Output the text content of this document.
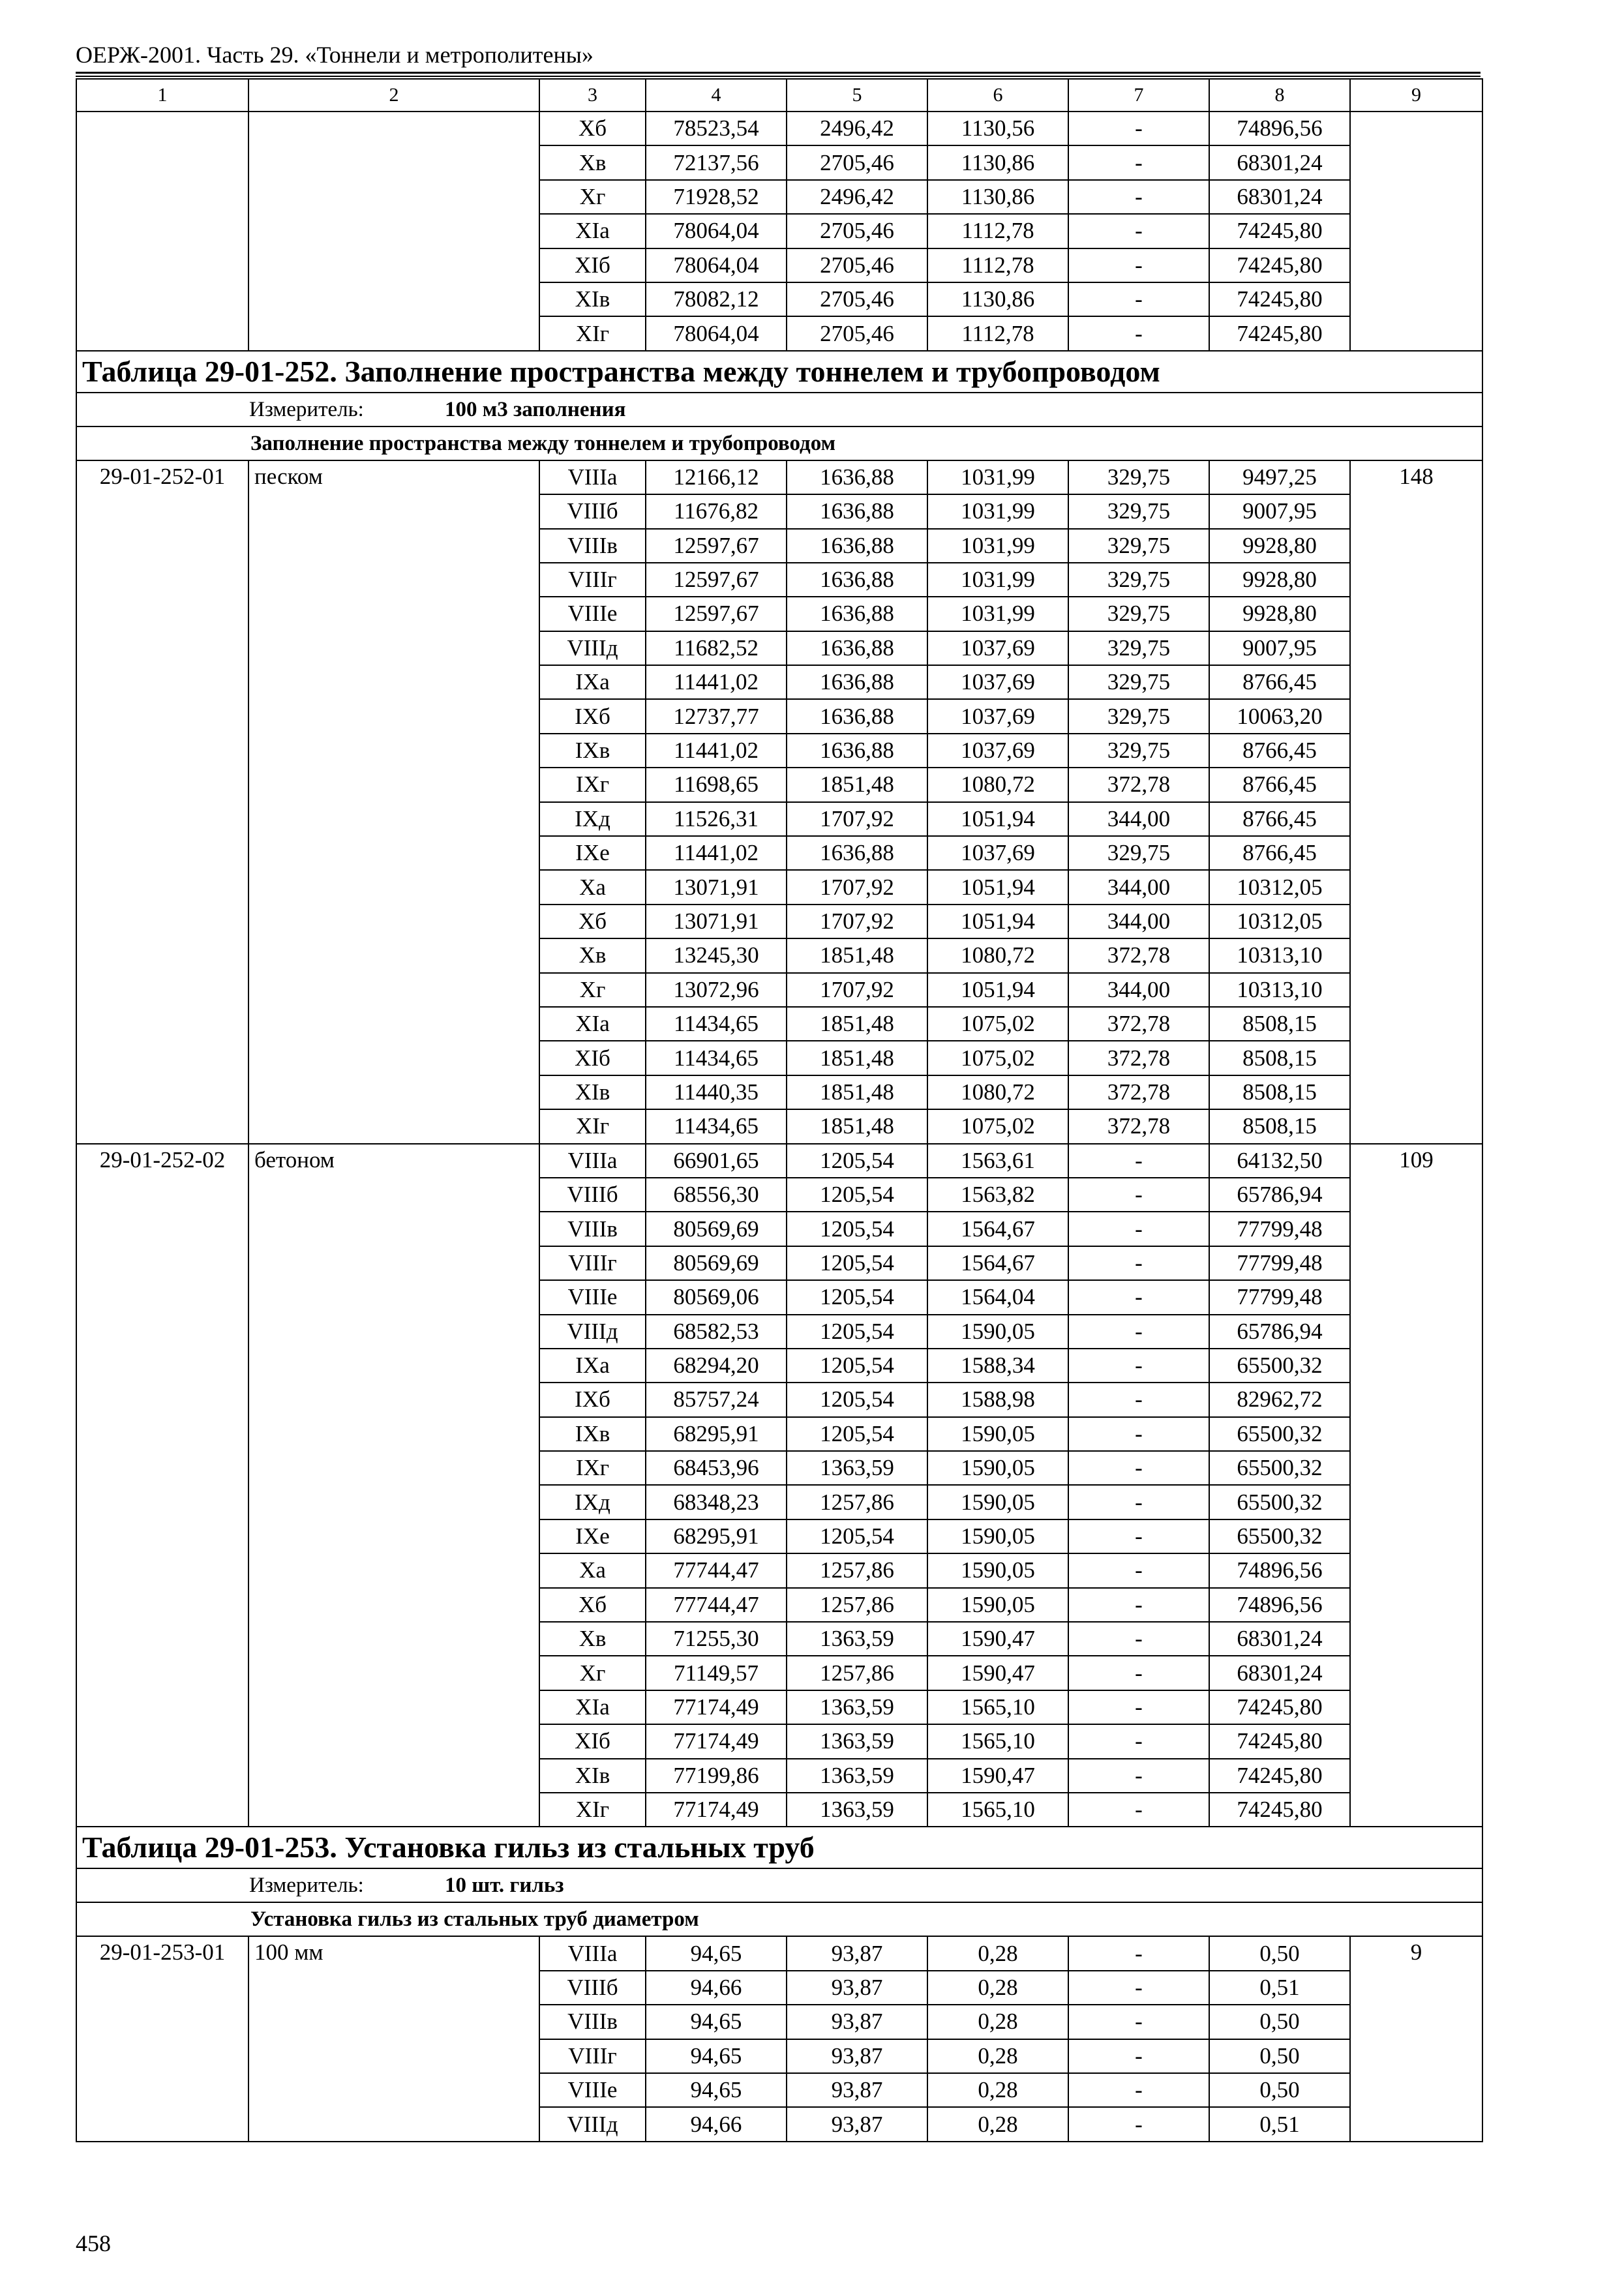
ОЕРЖ-2001. Часть 29. «Тоннели и метрополитены»
1	2	3	4	5	6	7	8	9
		Хб	78523,54	2496,42	1130,56	-	74896,56	
		Хв	72137,56	2705,46	1130,86	-	68301,24	
		Хг	71928,52	2496,42	1130,86	-	68301,24	
		XIа	78064,04	2705,46	1112,78	-	74245,80	
		XIб	78064,04	2705,46	1112,78	-	74245,80	
		XIв	78082,12	2705,46	1130,86	-	74245,80	
		XIг	78064,04	2705,46	1112,78	-	74245,80	
Таблица 29-01-252. Заполнение пространства между тоннелем и трубопроводом								
Измеритель: 100 м3 заполнения								
Заполнение пространства между тоннелем и трубопроводом								
29-01-252-01	песком	VIIIа	12166,12	1636,88	1031,99	329,75	9497,25	148
		VIIIб	11676,82	1636,88	1031,99	329,75	9007,95	
		VIIIв	12597,67	1636,88	1031,99	329,75	9928,80	
		VIIIг	12597,67	1636,88	1031,99	329,75	9928,80	
		VIIIе	12597,67	1636,88	1031,99	329,75	9928,80	
		VIIIд	11682,52	1636,88	1037,69	329,75	9007,95	
		IXа	11441,02	1636,88	1037,69	329,75	8766,45	
		IXб	12737,77	1636,88	1037,69	329,75	10063,20	
		IXв	11441,02	1636,88	1037,69	329,75	8766,45	
		IXг	11698,65	1851,48	1080,72	372,78	8766,45	
		IXд	11526,31	1707,92	1051,94	344,00	8766,45	
		IXе	11441,02	1636,88	1037,69	329,75	8766,45	
		Ха	13071,91	1707,92	1051,94	344,00	10312,05	
		Хб	13071,91	1707,92	1051,94	344,00	10312,05	
		Хв	13245,30	1851,48	1080,72	372,78	10313,10	
		Хг	13072,96	1707,92	1051,94	344,00	10313,10	
		XIа	11434,65	1851,48	1075,02	372,78	8508,15	
		XIб	11434,65	1851,48	1075,02	372,78	8508,15	
		XIв	11440,35	1851,48	1080,72	372,78	8508,15	
		XIг	11434,65	1851,48	1075,02	372,78	8508,15	
29-01-252-02	бетоном	VIIIа	66901,65	1205,54	1563,61	-	64132,50	109
		VIIIб	68556,30	1205,54	1563,82	-	65786,94	
		VIIIв	80569,69	1205,54	1564,67	-	77799,48	
		VIIIг	80569,69	1205,54	1564,67	-	77799,48	
		VIIIе	80569,06	1205,54	1564,04	-	77799,48	
		VIIIд	68582,53	1205,54	1590,05	-	65786,94	
		IXа	68294,20	1205,54	1588,34	-	65500,32	
		IXб	85757,24	1205,54	1588,98	-	82962,72	
		IXв	68295,91	1205,54	1590,05	-	65500,32	
		IXг	68453,96	1363,59	1590,05	-	65500,32	
		IXд	68348,23	1257,86	1590,05	-	65500,32	
		IXе	68295,91	1205,54	1590,05	-	65500,32	
		Ха	77744,47	1257,86	1590,05	-	74896,56	
		Хб	77744,47	1257,86	1590,05	-	74896,56	
		Хв	71255,30	1363,59	1590,47	-	68301,24	
		Хг	71149,57	1257,86	1590,47	-	68301,24	
		XIа	77174,49	1363,59	1565,10	-	74245,80	
		XIб	77174,49	1363,59	1565,10	-	74245,80	
		XIв	77199,86	1363,59	1590,47	-	74245,80	
		XIг	77174,49	1363,59	1565,10	-	74245,80	
Таблица 29-01-253. Установка гильз из стальных труб								
Измеритель: 10 шт. гильз								
Установка гильз из стальных труб диаметром								
29-01-253-01	100 мм	VIIIа	94,65	93,87	0,28	-	0,50	9
		VIIIб	94,66	93,87	0,28	-	0,51	
		VIIIв	94,65	93,87	0,28	-	0,50	
		VIIIг	94,65	93,87	0,28	-	0,50	
		VIIIе	94,65	93,87	0,28	-	0,50	
		VIIIд	94,66	93,87	0,28	-	0,51	
458
